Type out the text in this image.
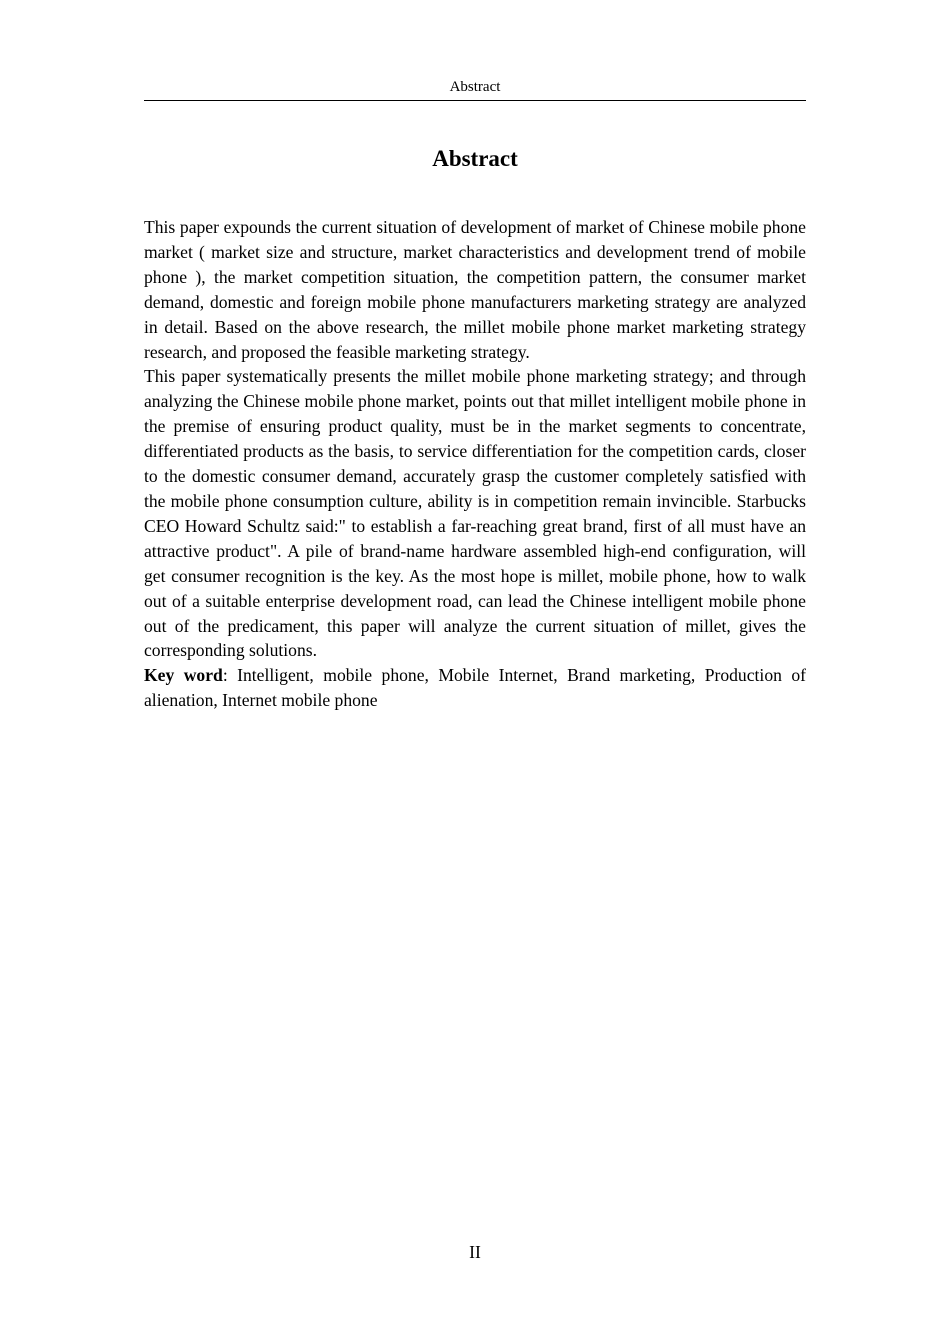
Abstract
Abstract

This paper expounds the current situation of development of market of Chinese mobile phone market ( market size and structure, market characteristics and development trend of mobile phone ), the market competition situation, the competition pattern, the consumer market demand, domestic and foreign mobile phone manufacturers marketing strategy are analyzed in detail. Based on the above research, the millet mobile phone market marketing strategy research, and proposed the feasible marketing strategy.

This paper systematically presents the millet mobile phone marketing strategy; and through analyzing the Chinese mobile phone market, points out that millet intelligent mobile phone in the premise of ensuring product quality, must be in the market segments to concentrate, differentiated products as the basis, to service differentiation for the competition cards, closer to the domestic consumer demand, accurately grasp the customer completely satisfied with the mobile phone consumption culture, ability is in competition remain invincible. Starbucks CEO Howard Schultz said:" to establish a far-reaching great brand, first of all must have an attractive product". A pile of brand-name hardware assembled high-end configuration, will get consumer recognition is the key. As the most hope is millet, mobile phone, how to walk out of a suitable enterprise development road, can lead the Chinese intelligent mobile phone out of the predicament, this paper will analyze the current situation of millet, gives the corresponding solutions.

Key word: Intelligent, mobile phone, Mobile Internet, Brand marketing, Production of alienation, Internet mobile phone

II
